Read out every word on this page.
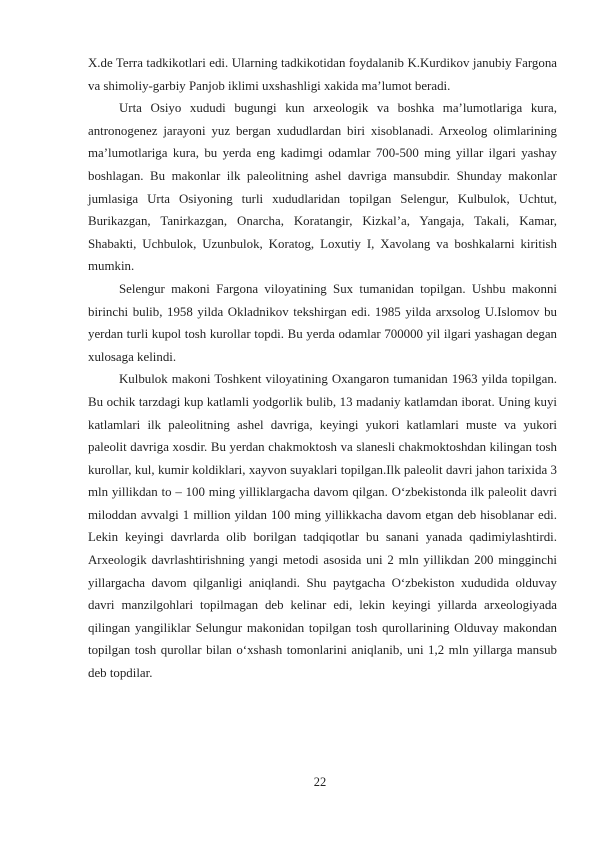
X.de Terra tadkikotlari edi. Ularning tadkikotidan foydalanib K.Kurdikov janubiy Fargona va shimoliy-garbiy Panjob iklimi uxshashligi xakida ma’lumot beradi.

Urta Osiyo xududi bugungi kun arxeologik va boshka ma’lumotlariga kura, antronogenez jarayoni yuz bergan xududlardan biri xisoblanadi. Arxeolog olimlarining ma’lumotlariga kura, bu yerda eng kadimgi odamlar 700-500 ming yillar ilgari yashay boshlagan. Bu makonlar ilk paleolitning ashel davriga mansubdir. Shunday makonlar jumlasiga Urta Osiyoning turli xududlaridan topilgan Selengur, Kulbulok, Uchtut, Burikazgan, Tanirkazgan, Onarcha, Koratangir, Kizkal’a, Yangaja, Takali, Kamar, Shabakti, Uchbulok, Uzunbulok, Koratog, Loxutiy I, Xavolang va boshkalarni kiritish mumkin.

Selengur makoni Fargona viloyatining Sux tumanidan topilgan. Ushbu makonni birinchi bulib, 1958 yilda Okladnikov tekshirgan edi. 1985 yilda arxsolog U.Islomov bu yerdan turli kupol tosh kurollar topdi. Bu yerda odamlar 700000 yil ilgari yashagan degan xulosaga kelindi.

Kulbulok makoni Toshkent viloyatining Oxangaron tumanidan 1963 yilda topilgan. Bu ochik tarzdagi kup katlamli yodgorlik bulib, 13 madaniy katlamdan iborat. Uning kuyi katlamlari ilk paleolitning ashel davriga, keyingi yukori katlamlari muste va yukori paleolit davriga xosdir. Bu yerdan chakmoktosh va slanesli chakmoktoshdan kilingan tosh kurollar, kul, kumir koldiklari, xayvon suyaklari topilgan.Ilk paleolit davri jahon tarixida 3 mln yillikdan to – 100 ming yilliklargacha davom qilgan. O‘zbekistonda ilk paleolit davri miloddan avvalgi 1 million yildan 100 ming yillikkacha davom etgan deb hisoblanar edi. Lekin keyingi davrlarda olib borilgan tadqiqotlar bu sanani yanada qadimiylashtirdi. Arxeologik davrlashtirishning yangi metodi asosida uni 2 mln yillikdan 200 mingginchi yillargacha davom qilganligi aniqlandi. Shu paytgacha O‘zbekiston xududida olduvay davri manzilgohlari topilmagan deb kelinar edi, lekin keyingi yillarda arxeologiyada qilingan yangiliklar Selungur makonidan topilgan tosh qurollarining Olduvay makondan topilgan tosh qurollar bilan o‘xshash tomonlarini aniqlanib, uni 1,2 mln yillarga mansub deb topdilar.

22
